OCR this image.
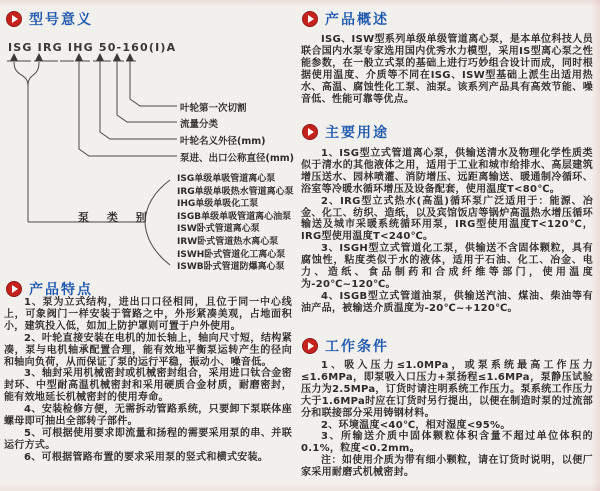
型号意义
ISG IRG IHG 50-160(Ⅰ)A
叶轮第一次切割
流量分类
叶轮名义外径(mm)
泵进、出口公称直径(mm)
泵 类 别
ISG单级单吸管道离心泵
IRG单级单吸热水管道离心泵
IHG单级单吸化工泵
ISGB单级单吸管道离心油泵
ISW卧式管道离心泵
IRW卧式管道热水离心泵
ISWH卧式管道化工离心泵
ISWB卧式管道防爆离心泵
产品特点

1、泵为立式结构，进出口口径相同，且位于同一中心线上，可象阀门一样安装于管路之中，外形紧凑美观，占地面积小，建筑投入低，如加上防护罩则可置于户外使用。

2、叶轮直接安装在电机的加长轴上，轴向尺寸短，结构紧凑，泵与电机轴承配置合理，能有效地平衡泵运转产生的径向和轴向负荷，从而保证了泵的运行平稳，振动小、噪音低。

3、轴封采用机械密封或机械密封组合，采用进口钛合金密封环、中型耐高温机械密封和采用硬质合金材质，耐磨密封，能有效地延长机械密封的使用寿命。

4、安装检修方便，无需拆动管路系统，只要卸下泵联体座螺母即可抽出全部转子部件。

5、可根据使用要求即流量和扬程的需要采用泵的串、并联运行方式。

6、可根据管路布置的要求采用泵的竖式和横式安装。

产品概述

ISG、ISW型系列单级单级管道离心泵，是本单位科技人员联合国内水泵专家选用国内优秀水力模型，采用IS型离心泵之性能参数，在一般立式泵的基础上进行巧妙组合设计而成，同时根据使用温度、介质等不同在ISG、ISW型基础上派生出适用热水、高温、腐蚀性化工泵、油泵。该系列产品具有高效节能、噪音低、性能可靠等优点。

主要用途

1、ISG型立式管道离心泵，供输送清水及物理化学性质类似于清水的其他液体之用，适用于工业和城市给排水、高层建筑增压送水、园林喷灌、消防增压、远距离输送、暖通制冷循环、浴室等冷暖水循环增压及设备配套，使用温度T<80℃。

2、IRG型立式热水(高温)循环泵广泛适用于：能源、冶金、化工、纺织、造纸，以及宾馆饭店等锅炉高温热水增压循环输送及城市采暖系统循环用泵，IRG型使用温度T<120℃，IRG型使用温度T<240℃。

3、ISGH型立式管道化工泵，供输送不含固体颗粒，具有腐蚀性，粘度类似于水的液体，适用于石油、化工、冶金、电力、造纸、食品制药和合成纤维等部门，使用温度为-20℃~120℃。

4、ISGB型立式管道油泵，供输送汽油、煤油、柴油等有油产品，被输送介质温度为-20℃~+120℃。

工作条件

1、吸入压力≤1.0MPa，或泵系统最高工作压力≤1.6MPa，即泵吸入口压力+泵扬程≤1.6MPa，泵静压试验压力为2.5MPa，订货时请注明系统工作压力。泵系统工作压力大于1.6MPa时应在订货时另行提出，以便在制造时泵的过流部分和联接部分采用铸钢材料。

2、环境温度<40℃，相对湿度<95%。

3、所输送介质中固体颗粒体积含量不超过单位体积的0.1%，粒度<0.2mm。

注：如使用介质为带有细小颗粒，请在订货时说明，以便厂家采用耐磨式机械密封。
